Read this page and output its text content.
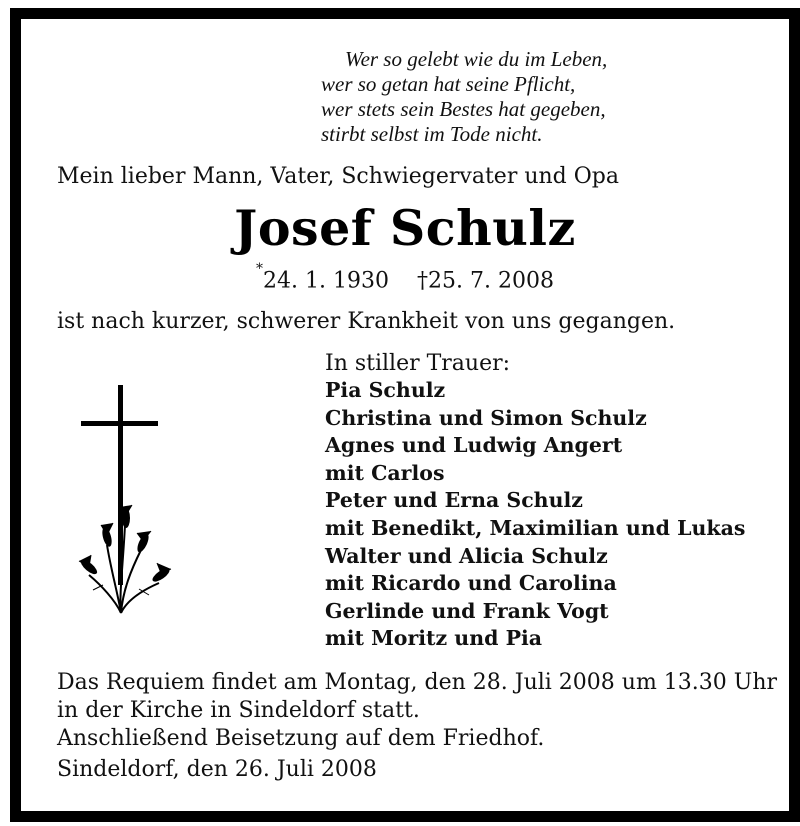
Wer so gelebt wie du im Leben,
wer so getan hat seine Pflicht,
wer stets sein Bestes hat gegeben,
stirbt selbst im Tode nicht.
Mein lieber Mann, Vater, Schwiegervater und Opa
Josef Schulz
*24. 1. 1930 †25. 7. 2008
ist nach kurzer, schwerer Krankheit von uns gegangen.
In stiller Trauer:
Pia Schulz
Christina und Simon Schulz
Agnes und Ludwig Angert
mit Carlos
Peter und Erna Schulz
mit Benedikt, Maximilian und Lukas
Walter und Alicia Schulz
mit Ricardo und Carolina
Gerlinde und Frank Vogt
mit Moritz und Pia
Das Requiem findet am Montag, den 28. Juli 2008 um 13.30 Uhr
in der Kirche in Sindeldorf statt.
Anschließend Beisetzung auf dem Friedhof.
Sindeldorf, den 26. Juli 2008
